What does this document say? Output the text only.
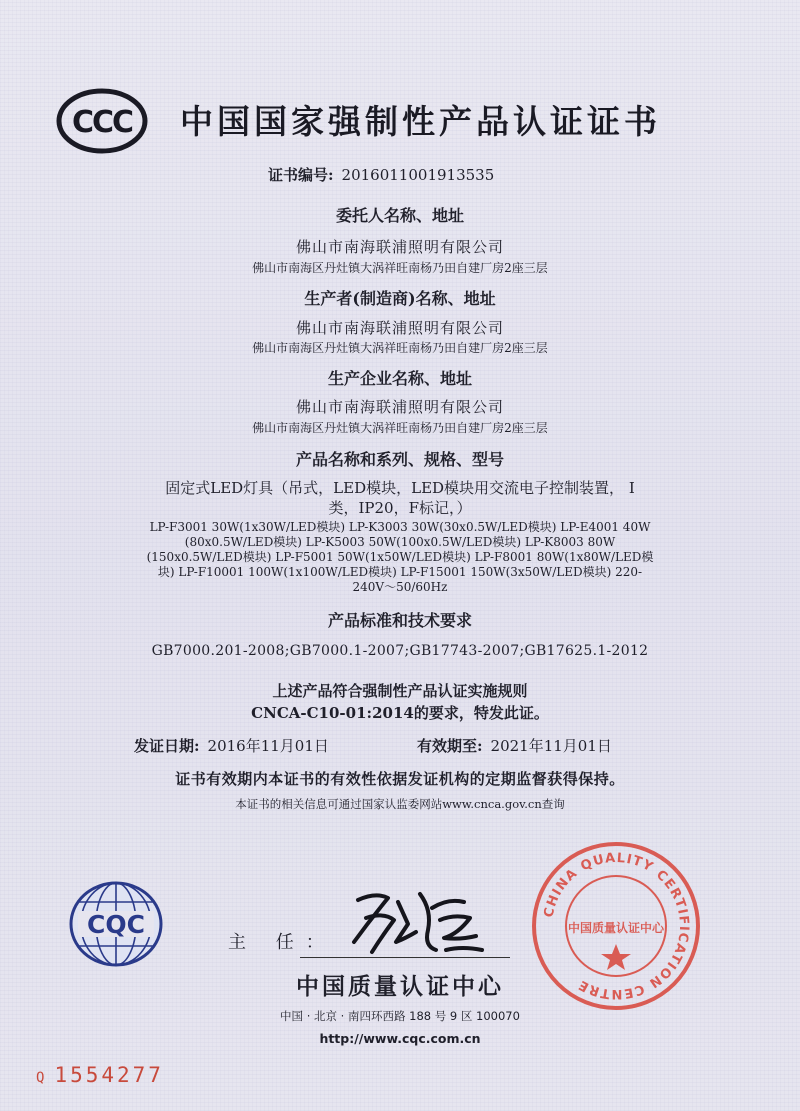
CCC 中国国家强制性产品认证证书
证书编号: 2016011001913535
委托人名称、地址
佛山市南海联浦照明有限公司
佛山市南海区丹灶镇大涡祥旺南杨乃田自建厂房2座三层
生产者(制造商)名称、地址
佛山市南海联浦照明有限公司
佛山市南海区丹灶镇大涡祥旺南杨乃田自建厂房2座三层
生产企业名称、地址
佛山市南海联浦照明有限公司
佛山市南海区丹灶镇大涡祥旺南杨乃田自建厂房2座三层
产品名称和系列、规格、型号
固定式LED灯具（吊式，LED模块，LED模块用交流电子控制装置， I
类，IP20，F标记，）
LP-F3001 30W(1x30W/LED模块) LP-K3003 30W(30x0.5W/LED模块) LP-E4001 40W
(80x0.5W/LED模块) LP-K5003 50W(100x0.5W/LED模块) LP-K8003 80W
(150x0.5W/LED模块) LP-F5001 50W(1x50W/LED模块) LP-F8001 80W(1x80W/LED模
块) LP-F10001 100W(1x100W/LED模块) LP-F15001 150W(3x50W/LED模块) 220-
240V～50/60Hz
产品标准和技术要求
GB7000.201-2008;GB7000.1-2007;GB17743-2007;GB17625.1-2012
上述产品符合强制性产品认证实施规则
CNCA-C10-01:2014的要求，特发此证。
发证日期: 2016年11月01日	有效期至: 2021年11月01日
证书有效期内本证书的有效性依据发证机构的定期监督获得保持。
本证书的相关信息可通过国家认监委网站www.cnca.gov.cn查询
CQC
主 任：
中国质量认证中心
中国 · 北京 · 南四环西路 188 号 9 区 100070
http://www.cqc.com.cn
CHINA QUALITY CERTIFICATION CENTRE
中国质量认证中心
Q 1554277
